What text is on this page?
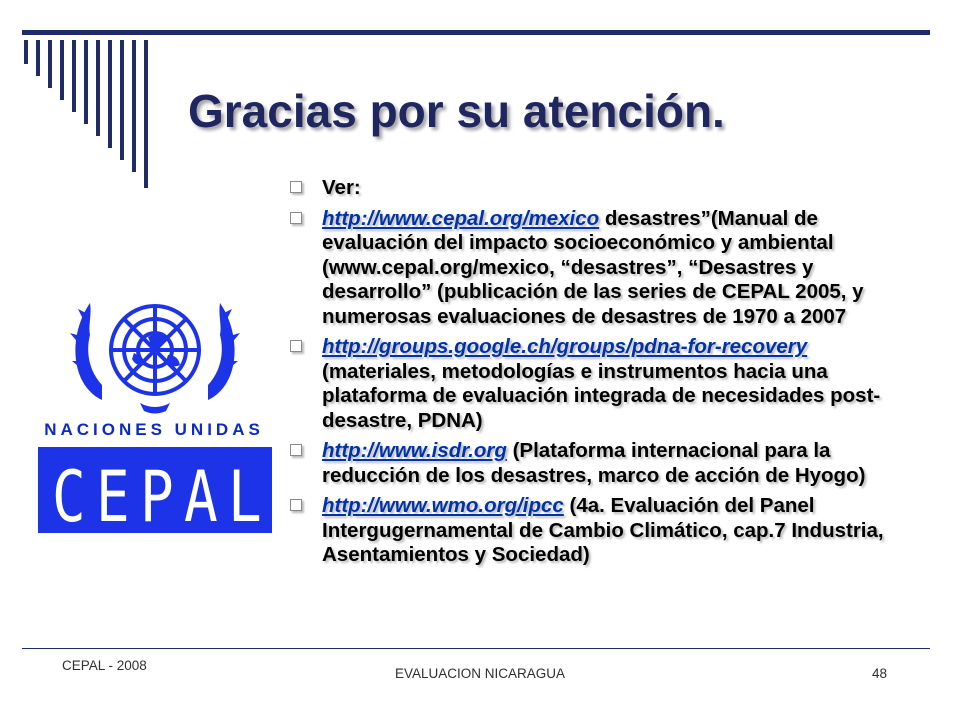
Gracias por su atención.
Ver:
http://www.cepal.org/mexico desastres”(Manual de evaluación del impacto socioeconómico y ambiental (www.cepal.org/mexico, “desastres”, “Desastres y desarrollo” (publicación de las series de CEPAL 2005, y numerosas evaluaciones de desastres de 1970 a 2007
http://groups.google.ch/groups/pdna-for-recovery (materiales, metodologías e instrumentos hacia una plataforma de evaluación integrada de necesidades post-desastre, PDNA)
http://www.isdr.org (Plataforma internacional para la reducción de los desastres, marco de acción de Hyogo)
http://www.wmo.org/ipcc (4a. Evaluación del Panel Intergugernamental de Cambio Climático, cap.7 Industria, Asentamientos y Sociedad)
NACIONES UNIDAS
C E P A L
CEPAL - 2008
EVALUACION NICARAGUA	48
